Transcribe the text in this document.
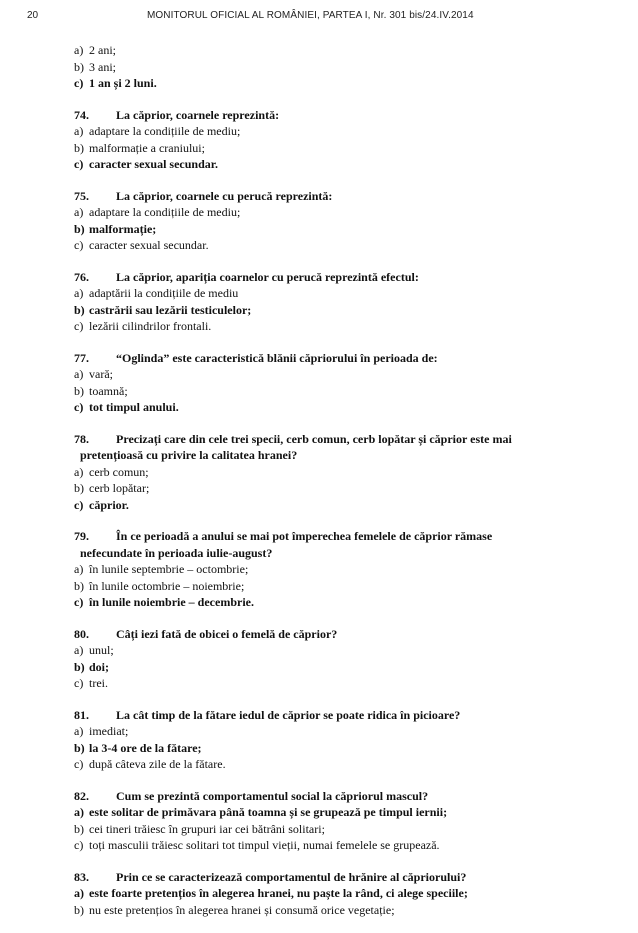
20	MONITORUL OFICIAL AL ROMÂNIEI, PARTEA I, Nr. 301 bis/24.IV.2014
a) 2 ani;
b) 3 ani;
c) 1 an și 2 luni.
74.	La căprior, coarnele reprezintă:
a) adaptare la condițiile de mediu;
b) malformație a craniului;
c) caracter sexual secundar.
75.	La căprior, coarnele cu perucă reprezintă:
a) adaptare la condițiile de mediu;
b) malformație;
c) caracter sexual secundar.
76.	La căprior, apariția coarnelor cu perucă reprezintă efectul:
a) adaptării la condițiile de mediu
b) castrării sau lezării testiculelor;
c) lezării cilindrilor frontali.
77.	“Oglinda” este caracteristică blănii căpriorului în perioada de:
a) vară;
b) toamnă;
c) tot timpul anului.
78. Precizați care din cele trei specii, cerb comun, cerb lopătar și căprior este mai
pretențioasă cu privire la calitatea hranei?
a) cerb comun;
b) cerb lopătar;
c) căprior.
79. În ce perioadă a anului se mai pot împerechea femelele de căprior rămase
nefecundate în perioada iulie-august?
a) în lunile septembrie – octombrie;
b) în lunile octombrie – noiembrie;
c) în lunile noiembrie – decembrie.
80.	Câți iezi fată de obicei o femelă de căprior?
a) unul;
b) doi;
c) trei.
81.	La cât timp de la fătare iedul de căprior se poate ridica în picioare?
a) imediat;
b) la 3-4 ore de la fătare;
c) după câteva zile de la fătare.
82.	Cum se prezintă comportamentul social la căpriorul mascul?
a) este solitar de primăvara până toamna și se grupează pe timpul iernii;
b) cei tineri trăiesc în grupuri iar cei bătrâni solitari;
c) toți masculii trăiesc solitari tot timpul vieții, numai femelele se grupează.
83.	Prin ce se caracterizează comportamentul de hrănire al căpriorului?
a) este foarte pretențios în alegerea hranei, nu paște la rând, ci alege speciile;
b) nu este pretențios în alegerea hranei și consumă orice vegetație;
